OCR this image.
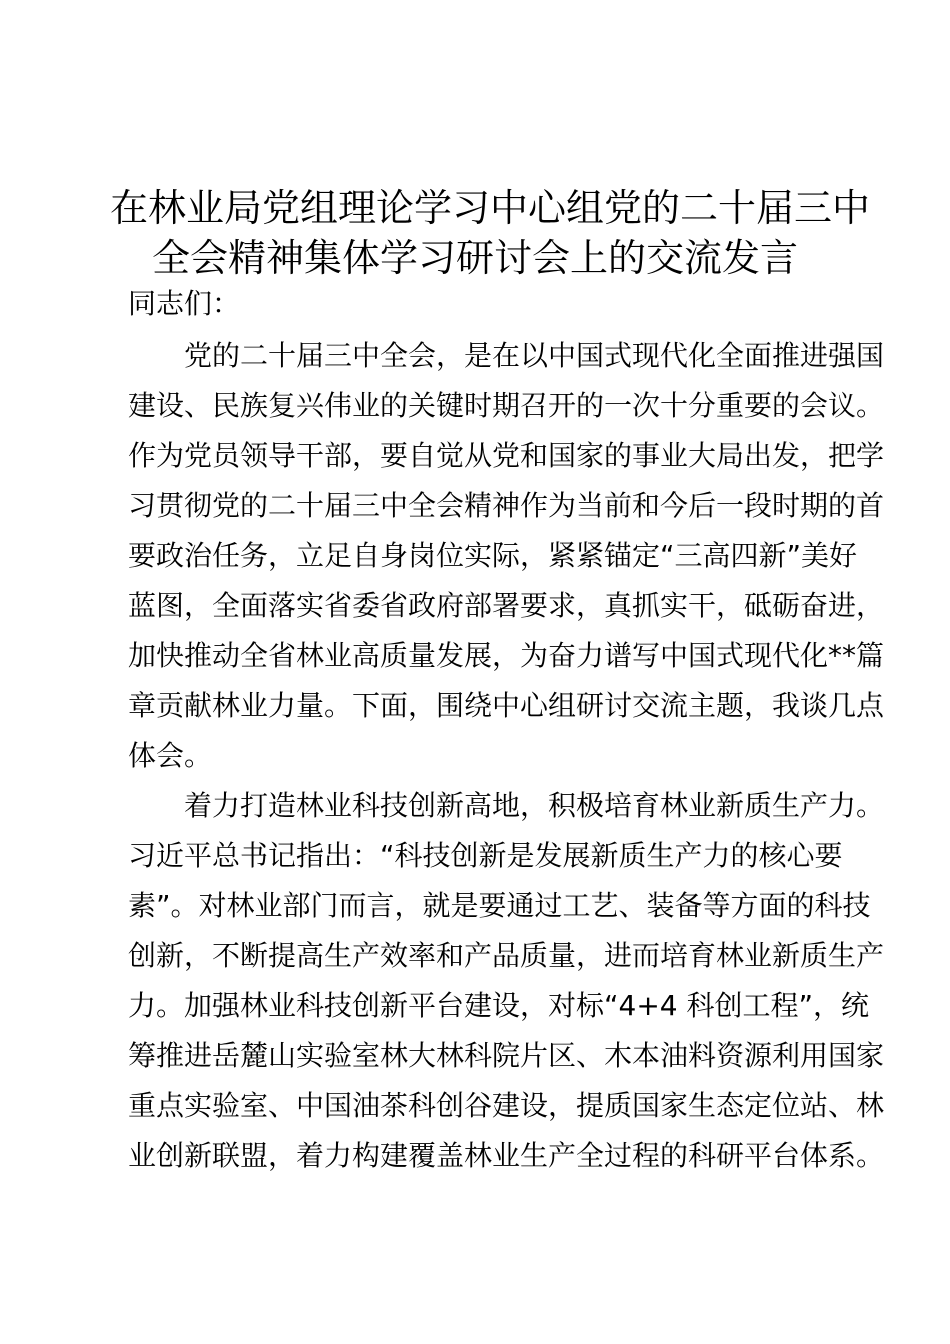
在林业局党组理论学习中心组党的二十届三中
全会精神集体学习研讨会上的交流发言
同志们：
　　党的二十届三中全会，是在以中国式现代化全面推进强国
建设、民族复兴伟业的关键时期召开的一次十分重要的会议。
作为党员领导干部，要自觉从党和国家的事业大局出发，把学
习贯彻党的二十届三中全会精神作为当前和今后一段时期的首
要政治任务，立足自身岗位实际，紧紧锚定“三高四新”美好
蓝图，全面落实省委省政府部署要求，真抓实干，砥砺奋进，
加快推动全省林业高质量发展，为奋力谱写中国式现代化**篇
章贡献林业力量。下面，围绕中心组研讨交流主题，我谈几点
体会。
　　着力打造林业科技创新高地，积极培育林业新质生产力。
习近平总书记指出：“科技创新是发展新质生产力的核心要
素”。对林业部门而言，就是要通过工艺、装备等方面的科技
创新，不断提高生产效率和产品质量，进而培育林业新质生产
力。加强林业科技创新平台建设，对标“4+4 科创工程”，统
筹推进岳麓山实验室林大林科院片区、木本油料资源利用国家
重点实验室、中国油茶科创谷建设，提质国家生态定位站、林
业创新联盟，着力构建覆盖林业生产全过程的科研平台体系。
